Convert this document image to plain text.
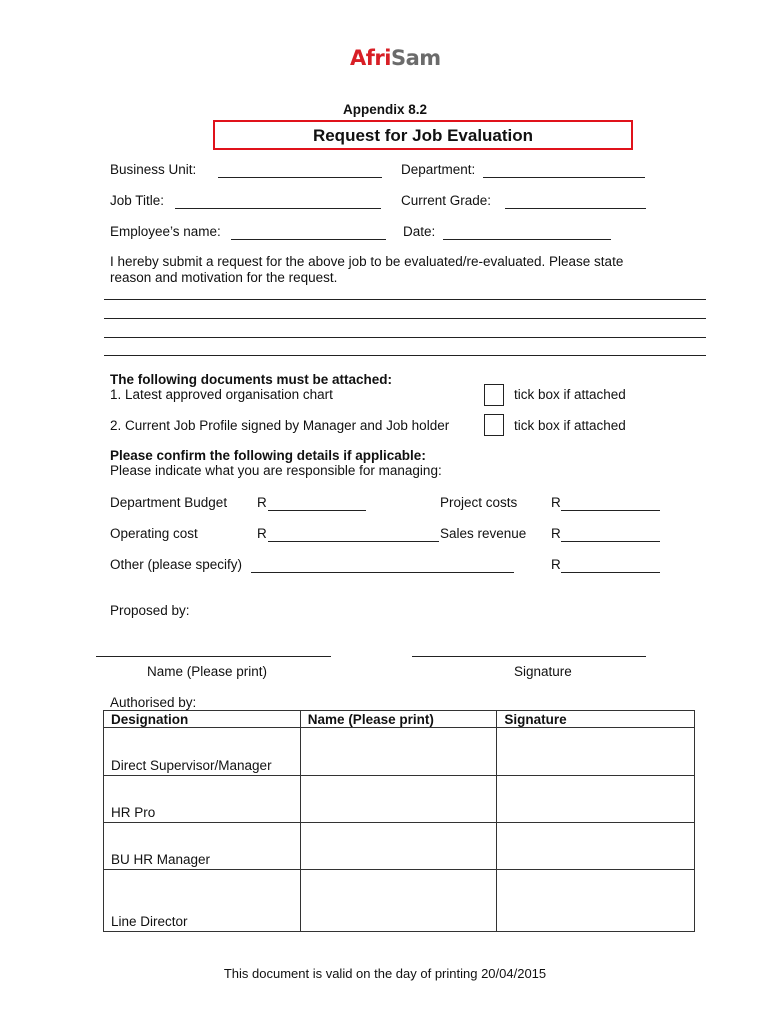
AfriSam
Appendix 8.2
Request for Job Evaluation
Business Unit:	Department:
Job Title:	Current Grade:
Employee’s name:	Date:
I hereby submit a request for the above job to be evaluated/re-evaluated. Please state
reason and motivation for the request.
The following documents must be attached:
1. Latest approved organisation chart	tick box if attached
2. Current Job Profile signed by Manager and Job holder	tick box if attached
Please confirm the following details if applicable:
Please indicate what you are responsible for managing:
Department Budget R	Project costs R
Operating cost	R	Sales revenue R
Other (please specify)	R
Proposed by:
Name (Please print)	Signature
Authorised by:
Designation	Name (Please print)	Signature
Direct Supervisor/Manager		
HR Pro		
BU HR Manager		
Line Director		
This document is valid on the day of printing 20/04/2015
